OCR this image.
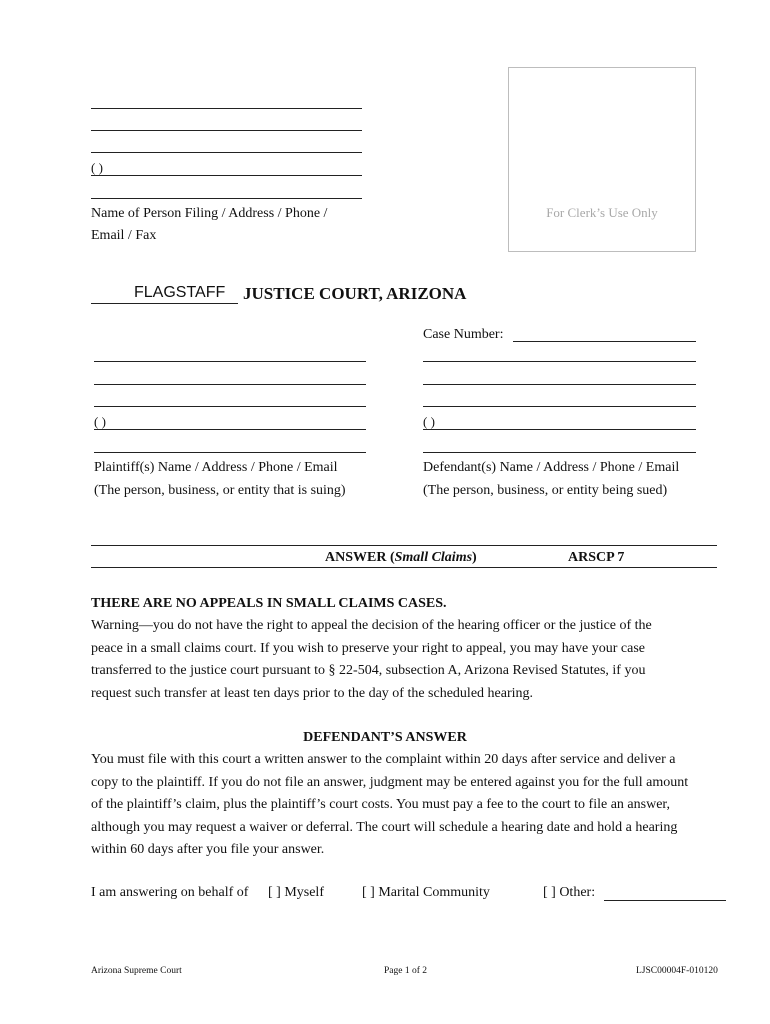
( )
Name of Person Filing / Address / Phone /
Email / Fax
For Clerk’s Use Only
FLAGSTAFF JUSTICE COURT, ARIZONA
Case Number:
( )
Plaintiff(s) Name / Address / Phone / Email
(The person, business, or entity that is suing)
( )
Defendant(s) Name / Address / Phone / Email
(The person, business, or entity being sued)
ANSWER (Small Claims)	ARSCP 7
THERE ARE NO APPEALS IN SMALL CLAIMS CASES.
Warning—you do not have the right to appeal the decision of the hearing officer or the justice of the
peace in a small claims court. If you wish to preserve your right to appeal, you may have your case
transferred to the justice court pursuant to § 22-504, subsection A, Arizona Revised Statutes, if you
request such transfer at least ten days prior to the day of the scheduled hearing.
DEFENDANT’S ANSWER
You must file with this court a written answer to the complaint within 20 days after service and deliver a
copy to the plaintiff. If you do not file an answer, judgment may be entered against you for the full amount
of the plaintiff’s claim, plus the plaintiff’s court costs. You must pay a fee to the court to file an answer,
although you may request a waiver or deferral. The court will schedule a hearing date and hold a hearing
within 60 days after you file your answer.
I am answering on behalf of [ ] Myself	[ ] Marital Community	[ ] Other:
Arizona Supreme Court	Page 1 of 2	LJSC00004F-010120
